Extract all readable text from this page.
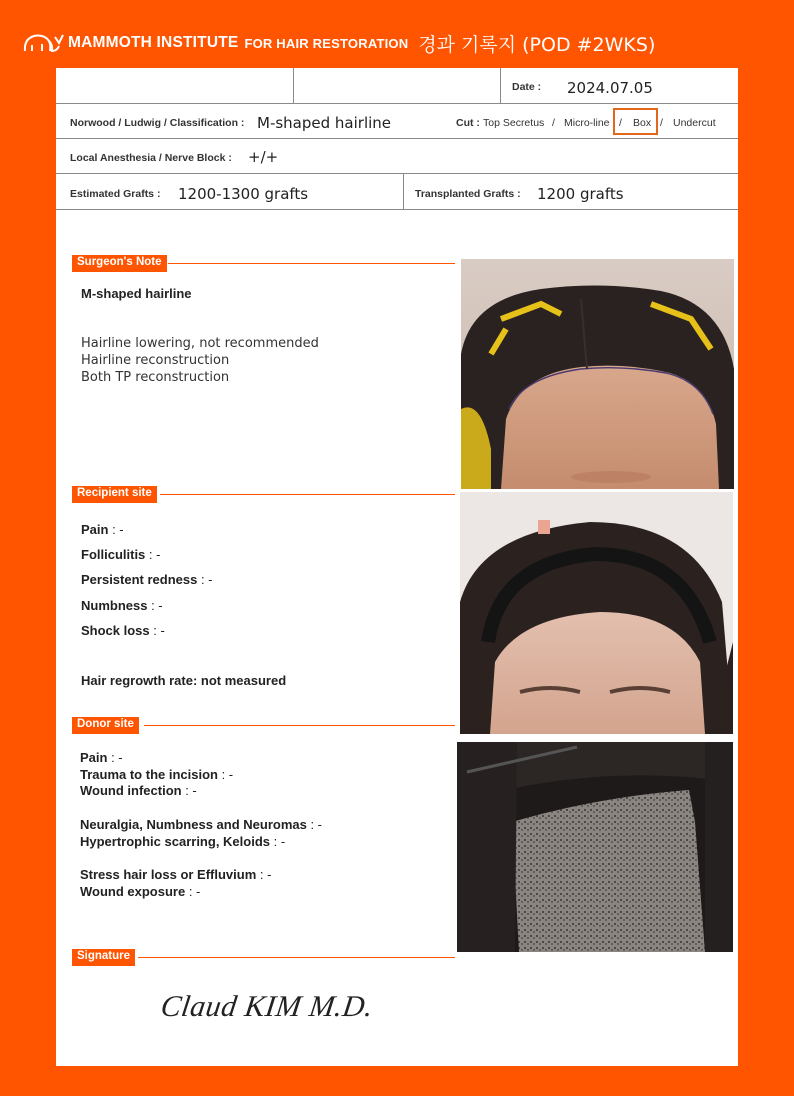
MAMMOTH INSTITUTE FOR HAIR RESTORATION 경과 기록지 (POD #2WKS)
Date : 2024.07.05
Norwood / Ludwig / Classification : M-shaped hairline	Cut : Top Secretus / Micro-line / Box / Undercut
Local Anesthesia / Nerve Block : +/+
Estimated Grafts : 1200-1300 grafts	Transplanted Grafts : 1200 grafts
Surgeon's Note
M-shaped hairline
Hairline lowering, not recommended
Hairline reconstruction
Both TP reconstruction
Recipient site
Pain : -
Folliculitis : -
Persistent redness : -
Numbness : -
Shock loss : -
Hair regrowth rate: not measured
Donor site
Pain : -
Trauma to the incision : -
Wound infection : -
Neuralgia, Numbness and Neuromas : -
Hypertrophic scarring, Keloids : -
Stress hair loss or Effluvium : -
Wound exposure : -
Signature
Claud KIM M.D.
